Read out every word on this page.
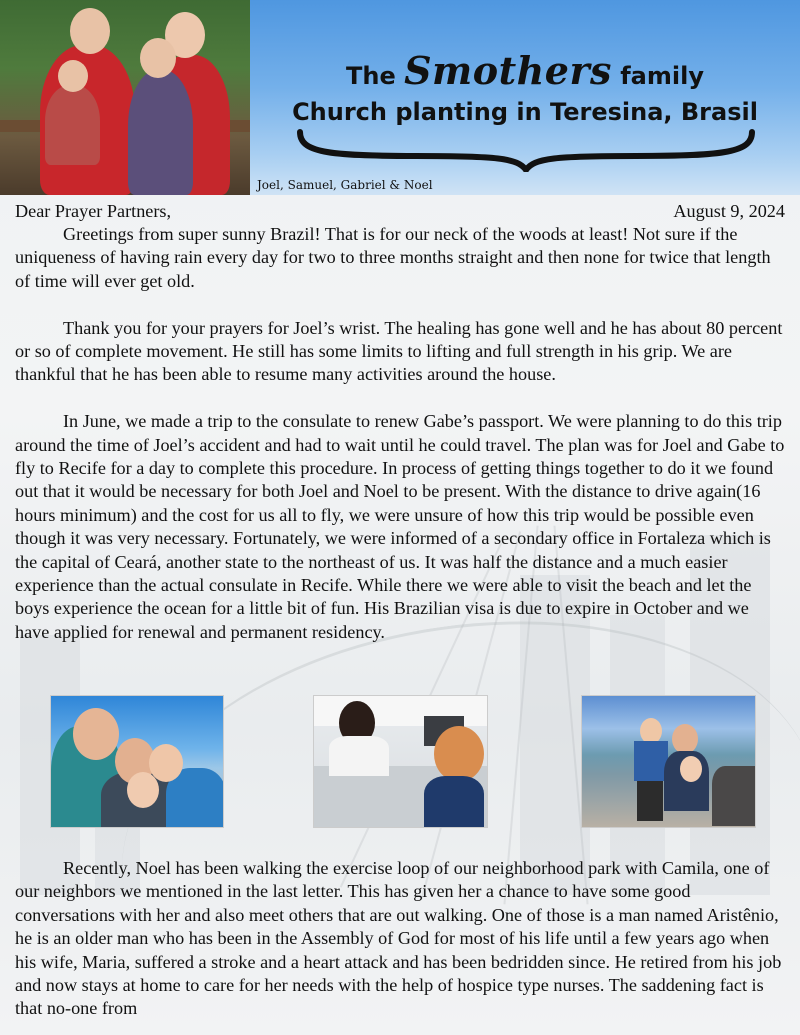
The Smothers family
Church planting in Teresina, Brasil
Joel, Samuel, Gabriel & Noel
Dear Prayer Partners,	August 9, 2024

Greetings from super sunny Brazil! That is for our neck of the woods at least! Not sure if the uniqueness of having rain every day for two to three months straight and then none for twice that length of time will ever get old.

Thank you for your prayers for Joel’s wrist. The healing has gone well and he has about 80 percent or so of complete movement. He still has some limits to lifting and full strength in his grip. We are thankful that he has been able to resume many activities around the house.

In June, we made a trip to the consulate to renew Gabe’s passport. We were planning to do this trip around the time of Joel’s accident and had to wait until he could travel. The plan was for Joel and Gabe to fly to Recife for a day to complete this procedure. In process of getting things together to do it we found out that it would be necessary for both Joel and Noel to be present. With the distance to drive again(16 hours minimum) and the cost for us all to fly, we were unsure of how this trip would be possible even though it was very necessary. Fortunately, we were informed of a secondary office in Fortaleza which is the capital of Ceará, another state to the northeast of us. It was half the distance and a much easier experience than the actual consulate in Recife. While there we were able to visit the beach and let the boys experience the ocean for a little bit of fun. His Brazilian visa is due to expire in October and we have applied for renewal and permanent residency.

Recently, Noel has been walking the exercise loop of our neighborhood park with Camila, one of our neighbors we mentioned in the last letter. This has given her a chance to have some good conversations with her and also meet others that are out walking. One of those is a man named Aristênio, he is an older man who has been in the Assembly of God for most of his life until a few years ago when his wife, Maria, suffered a stroke and a heart attack and has been bedridden since. He retired from his job and now stays at home to care for her needs with the help of hospice type nurses. The saddening fact is that no-one from
